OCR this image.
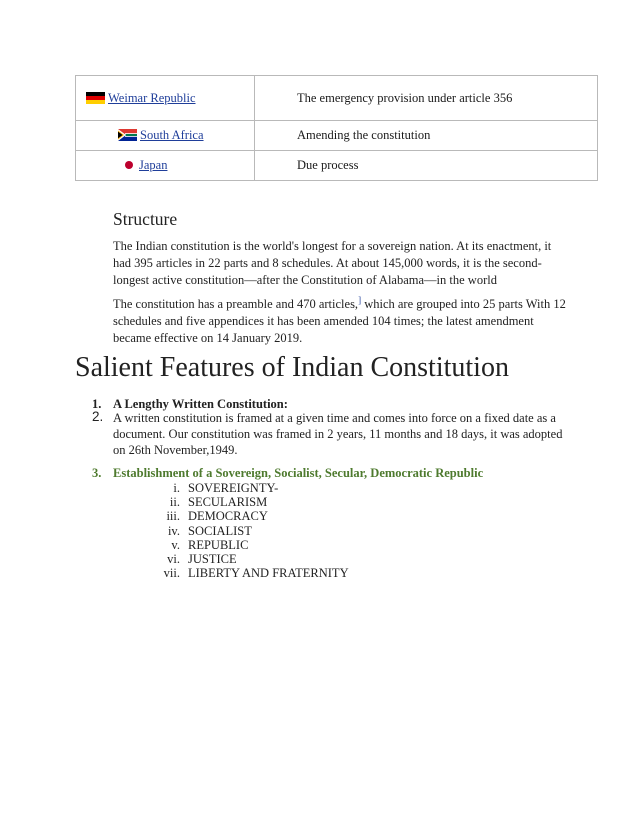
Weimar Republic	The emergency provision under article 356
South Africa	Amending the constitution
Japan	Due process
Structure
The Indian constitution is the world's longest for a sovereign nation. At its enactment, it had 395 articles in 22 parts and 8 schedules. At about 145,000 words, it is the second-longest active constitution—after the Constitution of Alabama—in the world
The constitution has a preamble and 470 articles,] which are grouped into 25 parts With 12 schedules and five appendices it has been amended 104 times; the latest amendment became effective on 14 January 2019.
Salient Features of Indian Constitution
1. A Lengthy Written Constitution:
2. A written constitution is framed at a given time and comes into force on a fixed date as a document. Our constitution was framed in 2 years, 11 months and 18 days, it was adopted on 26th November,1949.
3. Establishment of a Sovereign, Socialist, Secular, Democratic Republic
i. SOVEREIGNTY-
ii. SECULARISM
iii. DEMOCRACY
iv. SOCIALIST
v. REPUBLIC
vi. JUSTICE
vii. LIBERTY AND FRATERNITY
